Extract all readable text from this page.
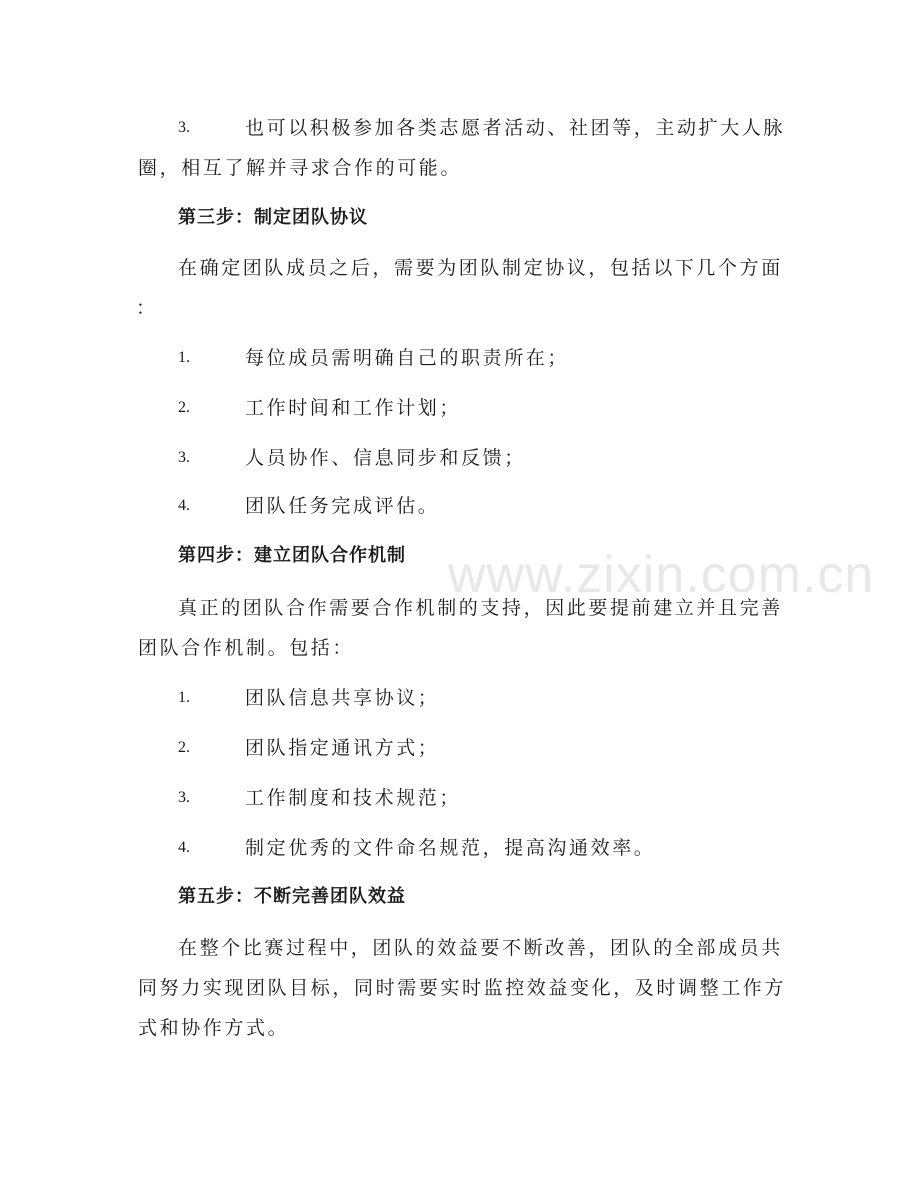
www.zixin.com.cn
3.	也可以积极参加各类志愿者活动、社团等，主动扩大人脉
圈，相互了解并寻求合作的可能。
第三步：制定团队协议
在确定团队成员之后，需要为团队制定协议，包括以下几个方面
：
1.	每位成员需明确自己的职责所在；
2.	工作时间和工作计划；
3.	人员协作、信息同步和反馈；
4.	团队任务完成评估。
第四步：建立团队合作机制
真正的团队合作需要合作机制的支持，因此要提前建立并且完善
团队合作机制。包括：
1.	团队信息共享协议；
2.	团队指定通讯方式；
3.	工作制度和技术规范；
4.	制定优秀的文件命名规范，提高沟通效率。
第五步：不断完善团队效益
在整个比赛过程中，团队的效益要不断改善，团队的全部成员共
同努力实现团队目标，同时需要实时监控效益变化，及时调整工作方
式和协作方式。
